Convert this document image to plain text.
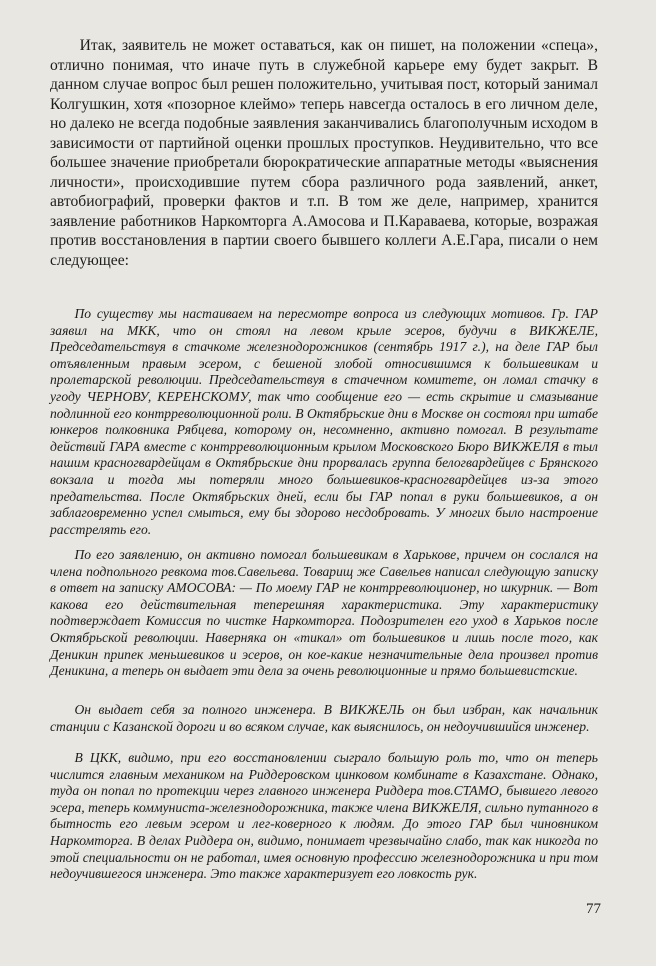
Итак, заявитель не может оставаться, как он пишет, на положении «спеца», отлично понимая, что иначе путь в служебной карьере ему будет закрыт. В данном случае вопрос был решен положительно, учитывая пост, который занимал Колгушкин, хотя «позорное клеймо» теперь навсегда осталось в его личном деле, но далеко не всегда подобные заявления заканчивались благополучным исходом в зависимости от партийной оценки прошлых проступков. Неудивительно, что все большее значение приобретали бюрократические аппаратные методы «выяснения личности», происходившие путем сбора различного рода заявлений, анкет, автобиографий, проверки фактов и т.п. В том же деле, например, хранится заявление работников Наркомторга А.Амосова и П.Караваева, которые, возражая против восстановления в партии своего бывшего коллеги А.Е.Гара, писали о нем следующее:

По существу мы настаиваем на пересмотре вопроса из следующих мотивов. Гр. ГАР заявил на МКК, что он стоял на левом крыле эсеров, будучи в ВИКЖЕЛЕ, Председательствуя в стачкоме железнодорожников (сентябрь 1917 г.), на деле ГАР был отъявленным правым эсером, с бешеной злобой относившимся к большевикам и пролетарской революции. Председательствуя в стачечном комитете, он ломал стачку в угоду ЧЕРНОВУ, КЕРЕНСКОМУ, так что сообщение его — есть скрытие и смазывание подлинной его контрреволюционной роли. В Октябрьские дни в Москве он состоял при штабе юнкеров полковника Рябцева, которому он, несомненно, активно помогал. В результате действий ГАРА вместе с контрреволюционным крылом Московского Бюро ВИКЖЕЛЯ в тыл нашим красногвардейцам в Октябрьские дни прорвалась группа белогвардейцев с Брянского вокзала и тогда мы потеряли много большевиков-красногвардейцев из-за этого предательства. После Октябрьских дней, если бы ГАР попал в руки большевиков, а он заблаговременно успел смыться, ему бы здорово несдобровать. У многих было настроение расстрелять его.

По его заявлению, он активно помогал большевикам в Харькове, причем он сослался на члена подпольного ревкома тов.Савельева. Товарищ же Савельев написал следующую записку в ответ на записку АМОСОВА: — По моему ГАР не контрреволюционер, но шкурник. — Вот какова его действительная теперешняя характеристика. Эту характеристику подтверждает Комиссия по чистке Наркомторга. Подозрителен его уход в Харьков после Октябрьской революции. Наверняка он «тикал» от большевиков и лишь после того, как Деникин припек меньшевиков и эсеров, он кое-какие незначительные дела произвел против Деникина, а теперь он выдает эти дела за очень революционные и прямо большевистские.

Он выдает себя за полного инженера. В ВИКЖЕЛЬ он был избран, как начальник станции с Казанской дороги и во всяком случае, как выяснилось, он недоучившийся инженер.

В ЦКК, видимо, при его восстановлении сыграло большую роль то, что он теперь числится главным механиком на Риддеровском цинковом комбинате в Казахстане. Однако, туда он попал по протекции через главного инженера Риддера тов.СТАМО, бывшего левого эсера, теперь коммуниста-железнодорожника, также члена ВИКЖЕЛЯ, сильно путанного в бытность его левым эсером и лег-коверного к людям. До этого ГАР был чиновником Наркомторга. В делах Риддера он, видимо, понимает чрезвычайно слабо, так как никогда по этой специальности он не работал, имея основную профессию железнодорожника и при том недоучившегося инженера. Это также характеризует его ловкость рук.

77
